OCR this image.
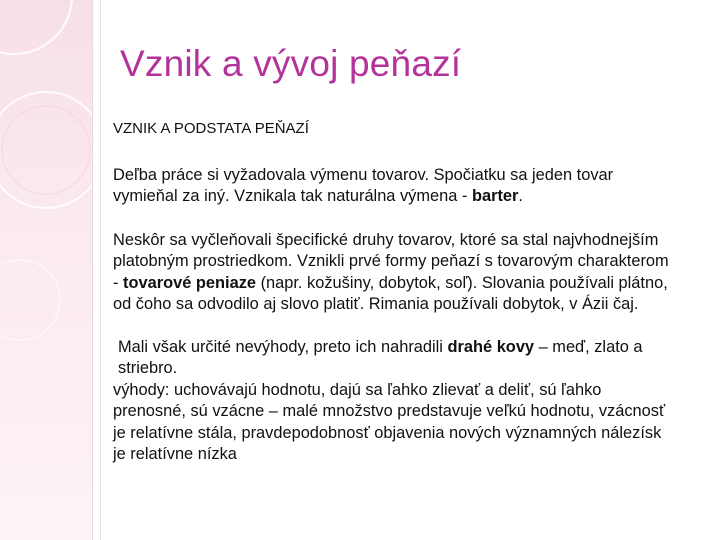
Vznik a vývoj peňazí

VZNIK A PODSTATA PEŇAZÍ

Deľba práce si vyžadovala výmenu tovarov. Spočiatku sa jeden tovar vymieňal za iný. Vznikala tak naturálna výmena - barter.

Neskôr sa vyčleňovali špecifické druhy tovarov, ktoré sa stal najvhodnejším platobným prostriedkom. Vznikli prvé formy peňazí s tovarovým charakterom - tovarové peniaze (napr. kožušiny, dobytok, soľ). Slovania používali plátno, od čoho sa odvodilo aj slovo platiť. Rimania používali dobytok, v Ázii čaj.

Mali však určité nevýhody, preto ich nahradili drahé kovy – meď, zlato a striebro.

výhody: uchovávajú hodnotu, dajú sa ľahko zlievať a deliť, sú ľahko prenosné, sú vzácne – malé množstvo predstavuje veľkú hodnotu, vzácnosť je relatívne stála, pravdepodobnosť objavenia nových významných nálezísk je relatívne nízka
